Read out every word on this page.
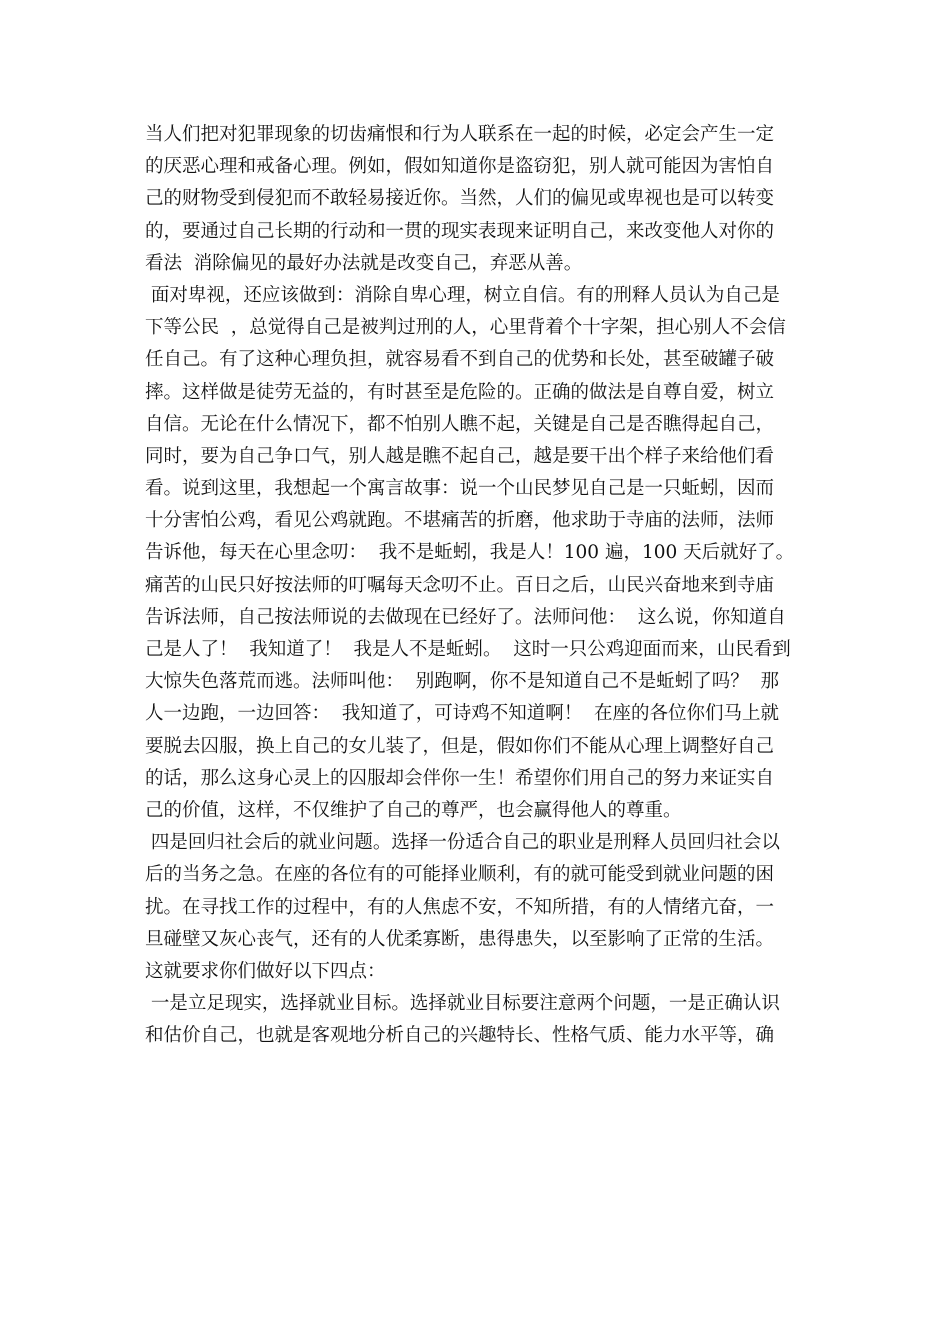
当人们把对犯罪现象的切齿痛恨和行为人联系在一起的时候，必定会产生一定
的厌恶心理和戒备心理。例如，假如知道你是盗窃犯，别人就可能因为害怕自
己的财物受到侵犯而不敢轻易接近你。当然，人们的偏见或卑视也是可以转变
的，要通过自己长期的行动和一贯的现实表现来证明自己，来改变他人对你的
看法  消除偏见的最好办法就是改变自己，弃恶从善。
面对卑视，还应该做到：消除自卑心理，树立自信。有的刑释人员认为自己是
下等公民  ，总觉得自己是被判过刑的人，心里背着个十字架，担心别人不会信
任自己。有了这种心理负担，就容易看不到自己的优势和长处，甚至破罐子破
摔。这样做是徒劳无益的，有时甚至是危险的。正确的做法是自尊自爱，树立
自信。无论在什么情况下，都不怕别人瞧不起，关键是自己是否瞧得起自己，
同时，要为自己争口气，别人越是瞧不起自己，越是要干出个样子来给他们看
看。说到这里，我想起一个寓言故事：说一个山民梦见自己是一只蚯蚓，因而
十分害怕公鸡，看见公鸡就跑。不堪痛苦的折磨，他求助于寺庙的法师，法师
告诉他，每天在心里念叨：  我不是蚯蚓，我是人！100 遍，100 天后就好了。
痛苦的山民只好按法师的叮嘱每天念叨不止。百日之后，山民兴奋地来到寺庙
告诉法师，自己按法师说的去做现在已经好了。法师问他：  这么说，你知道自
己是人了！  我知道了！  我是人不是蚯蚓。  这时一只公鸡迎面而来，山民看到
大惊失色落荒而逃。法师叫他：  别跑啊，你不是知道自己不是蚯蚓了吗？  那
人一边跑，一边回答：  我知道了，可诗鸡不知道啊！  在座的各位你们马上就
要脱去囚服，换上自己的女儿装了，但是，假如你们不能从心理上调整好自己
的话，那么这身心灵上的囚服却会伴你一生！希望你们用自己的努力来证实自
己的价值，这样，不仅维护了自己的尊严，也会赢得他人的尊重。
四是回归社会后的就业问题。选择一份适合自己的职业是刑释人员回归社会以
后的当务之急。在座的各位有的可能择业顺利，有的就可能受到就业问题的困
扰。在寻找工作的过程中，有的人焦虑不安，不知所措，有的人情绪亢奋，一
旦碰壁又灰心丧气，还有的人优柔寡断，患得患失，以至影响了正常的生活。
这就要求你们做好以下四点：
一是立足现实，选择就业目标。选择就业目标要注意两个问题，一是正确认识
和估价自己，也就是客观地分析自己的兴趣特长、性格气质、能力水平等，确
